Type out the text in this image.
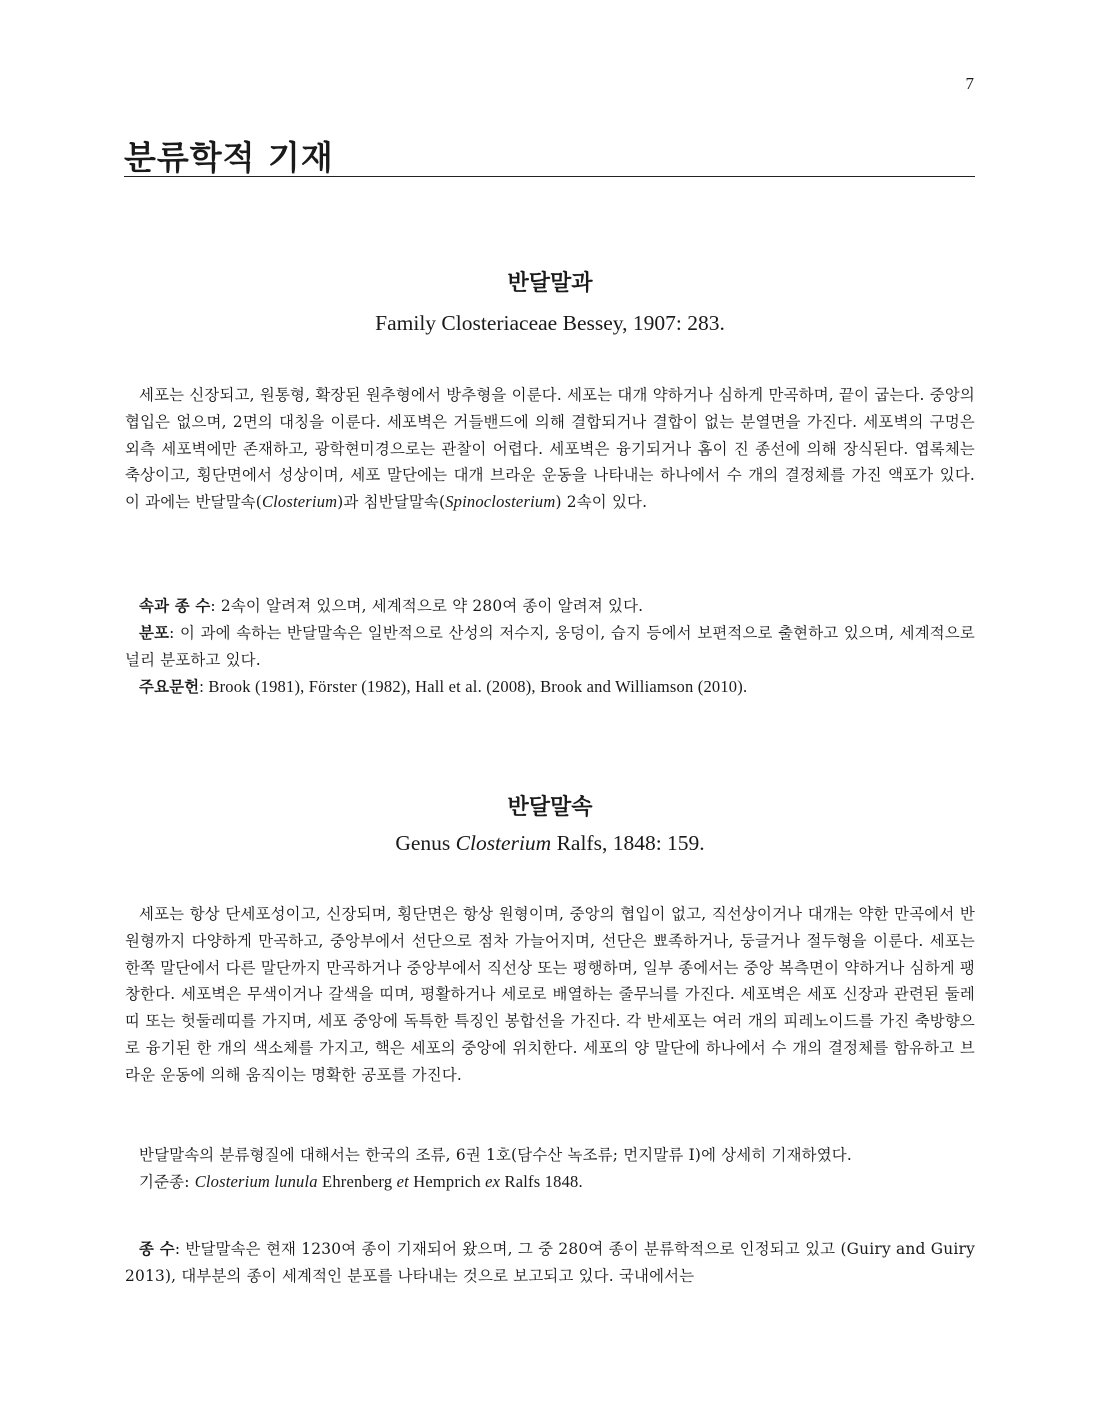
7
분류학적 기재
반달말과
Family Closteriaceae Bessey, 1907: 283.

세포는 신장되고, 원통형, 확장된 원추형에서 방추형을 이룬다. 세포는 대개 약하거나 심하게 만곡하며, 끝이 굽는다. 중앙의 협입은 없으며, 2면의 대칭을 이룬다. 세포벽은 거들밴드에 의해 결합되거나 결합이 없는 분열면을 가진다. 세포벽의 구멍은 외측 세포벽에만 존재하고, 광학현미경으로는 관찰이 어렵다. 세포벽은 융기되거나 홈이 진 종선에 의해 장식된다. 엽록체는 축상이고, 횡단면에서 성상이며, 세포 말단에는 대개 브라운 운동을 나타내는 하나에서 수 개의 결정체를 가진 액포가 있다. 이 과에는 반달말속(Closterium)과 침반달말속(Spinoclosterium) 2속이 있다.

속과 종 수: 2속이 알려져 있으며, 세계적으로 약 280여 종이 알려져 있다.

분포: 이 과에 속하는 반달말속은 일반적으로 산성의 저수지, 웅덩이, 습지 등에서 보편적으로 출현하고 있으며, 세계적으로 널리 분포하고 있다.

주요문헌: Brook (1981), Förster (1982), Hall et al. (2008), Brook and Williamson (2010).

반달말속
Genus Closterium Ralfs, 1848: 159.

세포는 항상 단세포성이고, 신장되며, 횡단면은 항상 원형이며, 중앙의 협입이 없고, 직선상이거나 대개는 약한 만곡에서 반원형까지 다양하게 만곡하고, 중앙부에서 선단으로 점차 가늘어지며, 선단은 뾰족하거나, 둥글거나 절두형을 이룬다. 세포는 한쪽 말단에서 다른 말단까지 만곡하거나 중앙부에서 직선상 또는 평행하며, 일부 종에서는 중앙 복측면이 약하거나 심하게 팽창한다. 세포벽은 무색이거나 갈색을 띠며, 평활하거나 세로로 배열하는 줄무늬를 가진다. 세포벽은 세포 신장과 관련된 둘레띠 또는 헛둘레띠를 가지며, 세포 중앙에 독특한 특징인 봉합선을 가진다. 각 반세포는 여러 개의 피레노이드를 가진 축방향으로 융기된 한 개의 색소체를 가지고, 핵은 세포의 중앙에 위치한다. 세포의 양 말단에 하나에서 수 개의 결정체를 함유하고 브라운 운동에 의해 움직이는 명확한 공포를 가진다.

반달말속의 분류형질에 대해서는 한국의 조류, 6권 1호(담수산 녹조류; 먼지말류 I)에 상세히 기재하였다.

기준종: Closterium lunula Ehrenberg et Hemprich ex Ralfs 1848.

종 수: 반달말속은 현재 1230여 종이 기재되어 왔으며, 그 중 280여 종이 분류학적으로 인정되고 있고 (Guiry and Guiry 2013), 대부분의 종이 세계적인 분포를 나타내는 것으로 보고되고 있다. 국내에서는
